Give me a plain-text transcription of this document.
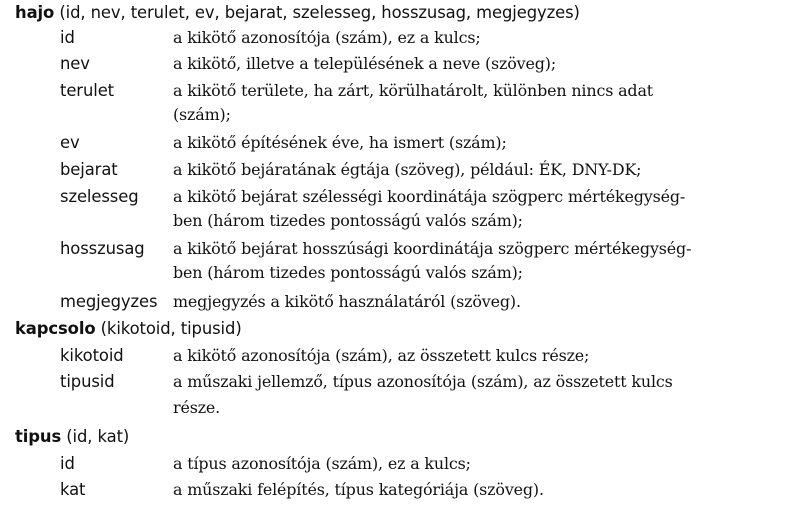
hajo (id, nev, terulet, ev, bejarat, szelesseg, hosszusag, megjegyzes)
id	a kikötő azonosítója (szám), ez a kulcs;
nev	a kikötő, illetve a településének a neve (szöveg);
terulet	a kikötő területe, ha zárt, körülhatárolt, különben nincs adat
(szám);
ev	a kikötő építésének éve, ha ismert (szám);
bejarat	a kikötő bejáratának égtája (szöveg), például: ÉK, DNY-DK;
szelesseg a kikötő bejárat szélességi koordinátája szögperc mértékegység-
ben (három tizedes pontosságú valós szám);
hosszusag a kikötő bejárat hosszúsági koordinátája szögperc mértékegység-
ben (három tizedes pontosságú valós szám);
megjegyzes megjegyzés a kikötő használatáról (szöveg).
kapcsolo (kikotoid, tipusid)
kikotoid	a kikötő azonosítója (szám), az összetett kulcs része;
tipusid	a műszaki jellemző, típus azonosítója (szám), az összetett kulcs
része.
tipus (id, kat)
id	a típus azonosítója (szám), ez a kulcs;
kat	a műszaki felépítés, típus kategóriája (szöveg).
